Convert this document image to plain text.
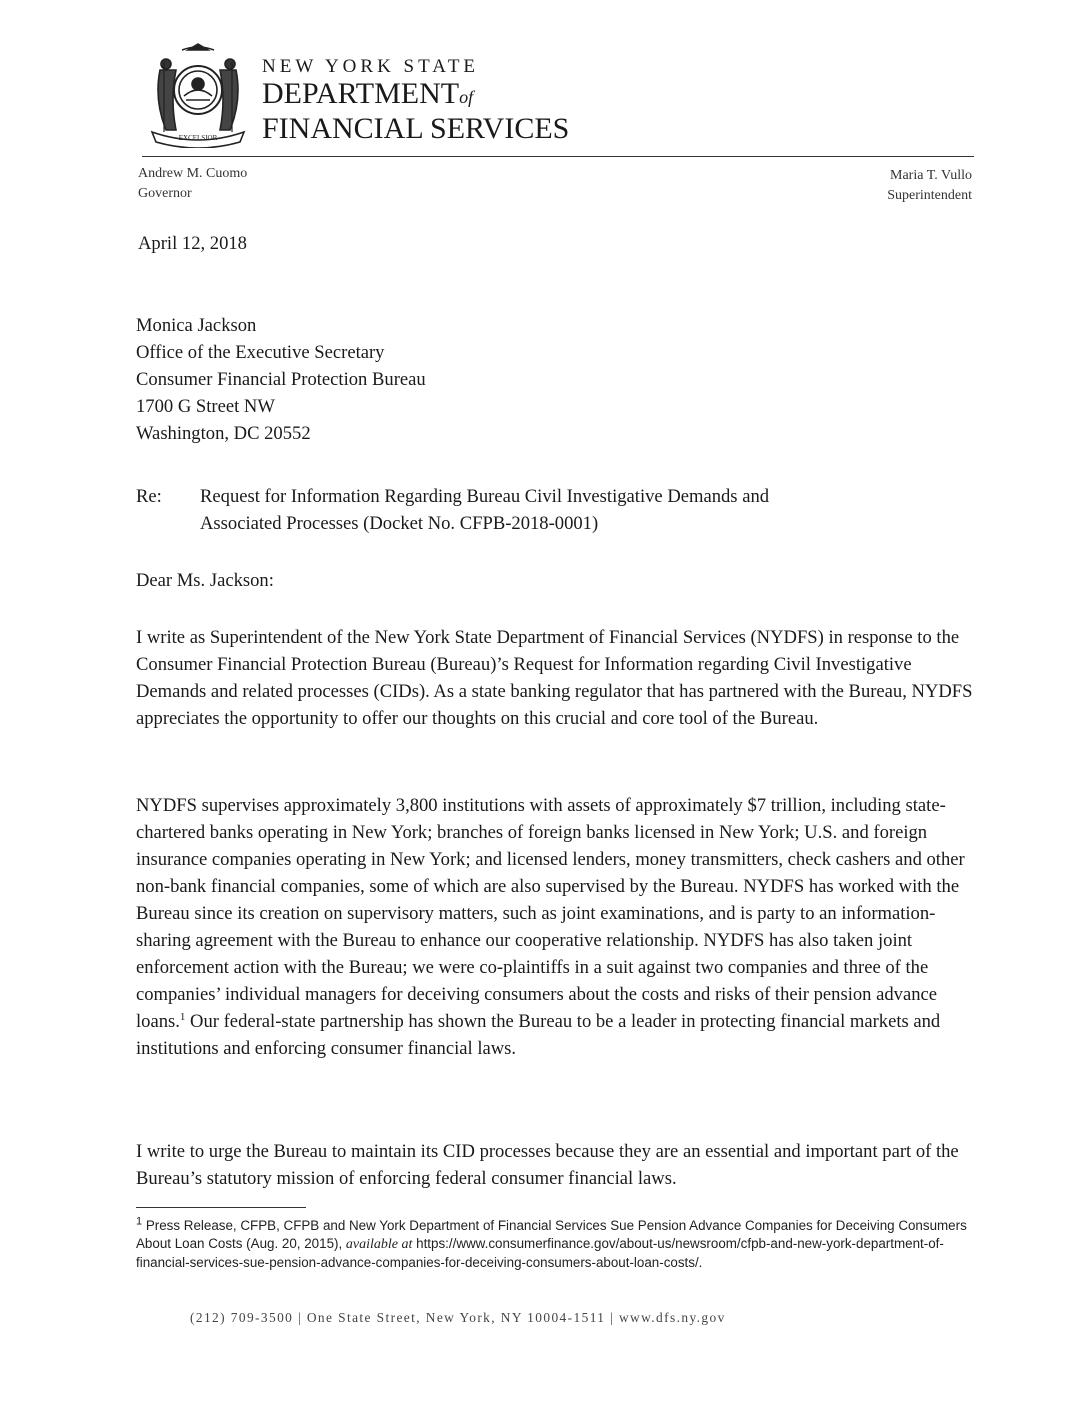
EXCELSIOR
NEW YORK STATE
DEPARTMENTof
FINANCIAL SERVICES
Andrew M. Cuomo
Governor
Maria T. Vullo
Superintendent
April 12, 2018
Monica Jackson
Office of the Executive Secretary
Consumer Financial Protection Bureau
1700 G Street NW
Washington, DC 20552
Re: Request for Information Regarding Bureau Civil Investigative Demands and
Associated Processes (Docket No. CFPB-2018-0001)
Dear Ms. Jackson:
I write as Superintendent of the New York State Department of Financial Services (NYDFS) in response to the Consumer Financial Protection Bureau (Bureau)’s Request for Information regarding Civil Investigative Demands and related processes (CIDs). As a state banking regulator that has partnered with the Bureau, NYDFS appreciates the opportunity to offer our thoughts on this crucial and core tool of the Bureau.
NYDFS supervises approximately 3,800 institutions with assets of approximately $7 trillion, including state-chartered banks operating in New York; branches of foreign banks licensed in New York; U.S. and foreign insurance companies operating in New York; and licensed lenders, money transmitters, check cashers and other non-bank financial companies, some of which are also supervised by the Bureau. NYDFS has worked with the Bureau since its creation on supervisory matters, such as joint examinations, and is party to an information-sharing agreement with the Bureau to enhance our cooperative relationship. NYDFS has also taken joint enforcement action with the Bureau; we were co-plaintiffs in a suit against two companies and three of the companies’ individual managers for deceiving consumers about the costs and risks of their pension advance loans.$^1$ Our federal-state partnership has shown the Bureau to be a leader in protecting financial markets and institutions and enforcing consumer financial laws.
I write to urge the Bureau to maintain its CID processes because they are an essential and important part of the Bureau’s statutory mission of enforcing federal consumer financial laws.
$^1$ Press Release, CFPB, CFPB and New York Department of Financial Services Sue Pension Advance Companies for Deceiving Consumers About Loan Costs (Aug. 20, 2015), available at https://www.consumerfinance.gov/about-us/newsroom/cfpb-and-new-york-department-of-financial-services-sue-pension-advance-companies-for-deceiving-consumers-about-loan-costs/.
(212) 709-3500 | One State Street, New York, NY 10004-1511 | www.dfs.ny.gov
